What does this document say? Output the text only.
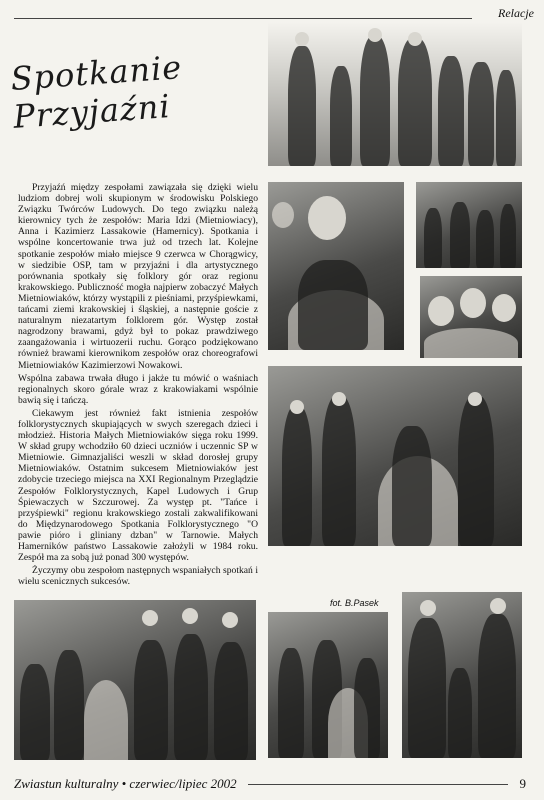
Relacje
Spotkanie Przyjaźni

Przyjaźń między zespołami zawiązała się dzięki wielu ludziom dobrej woli skupionym w środowisku Polskiego Związku Twórców Ludowych. Do tego związku należą kierownicy tych że zespołów: Maria Idzi (Mietniowiacy), Anna i Kazimierz Lassakowie (Hamernicy). Spotkania i wspólne koncertowanie trwa już od trzech lat. Kolejne spotkanie zespołów miało miejsce 9 czerwca w Chorągwicy, w siedzibie OSP, tam w przyjaźni i dla artystycznego porównania spotkały się folklory gór oraz regionu krakowskiego. Publiczność mogła najpierw zobaczyć Małych Mietniowiaków, którzy wystąpili z pieśniami, przyśpiewkami, tańcami ziemi krakowskiej i śląskiej, a następnie goście z naturalnym niezatartym folklorem gór. Występ został nagrodzony brawami, gdyż był to pokaz prawdziwego zaangażowania i wirtuozerii ruchu. Gorąco podziękowano również brawami kierownikom zespołów oraz choreografowi Mietniowiaków Kazimierzowi Nowakowi.

Wspólna zabawa trwała długo i jakże tu mówić o waśniach regionalnych skoro górale wraz z krakowiakami wspólnie bawią się i tańczą.

Ciekawym jest również fakt istnienia zespołów folklorystycznych skupiających w swych szeregach dzieci i młodzież. Historia Małych Mietniowiaków sięga roku 1999. W skład grupy wchodziło 60 dzieci uczniów i uczennic SP w Mietniowie. Gimnazjaliści weszli w skład dorosłej grupy Mietniowiaków. Ostatnim sukcesem Mietniowiaków jest zdobycie trzeciego miejsca na XXI Regionalnym Przeglądzie Zespołów Folklorystycznych, Kapel Ludowych i Grup Śpiewaczych w Szczurowej. Za występ pt. "Tańce i przyśpiewki" regionu krakowskiego zostali zakwalifikowani do Międzynarodowego Spotkania Folklorystycznego "O pawie pióro i gliniany dzban" w Tarnowie. Małych Hamerników państwo Lassakowie założyli w 1984 roku. Zespół ma za sobą już ponad 300 występów.

Życzymy obu zespołom następnych wspaniałych spotkań i wielu scenicznych sukcesów.

fot. B.Pasek
Zwiastun kulturalny • czerwiec/lipiec 2002	9
